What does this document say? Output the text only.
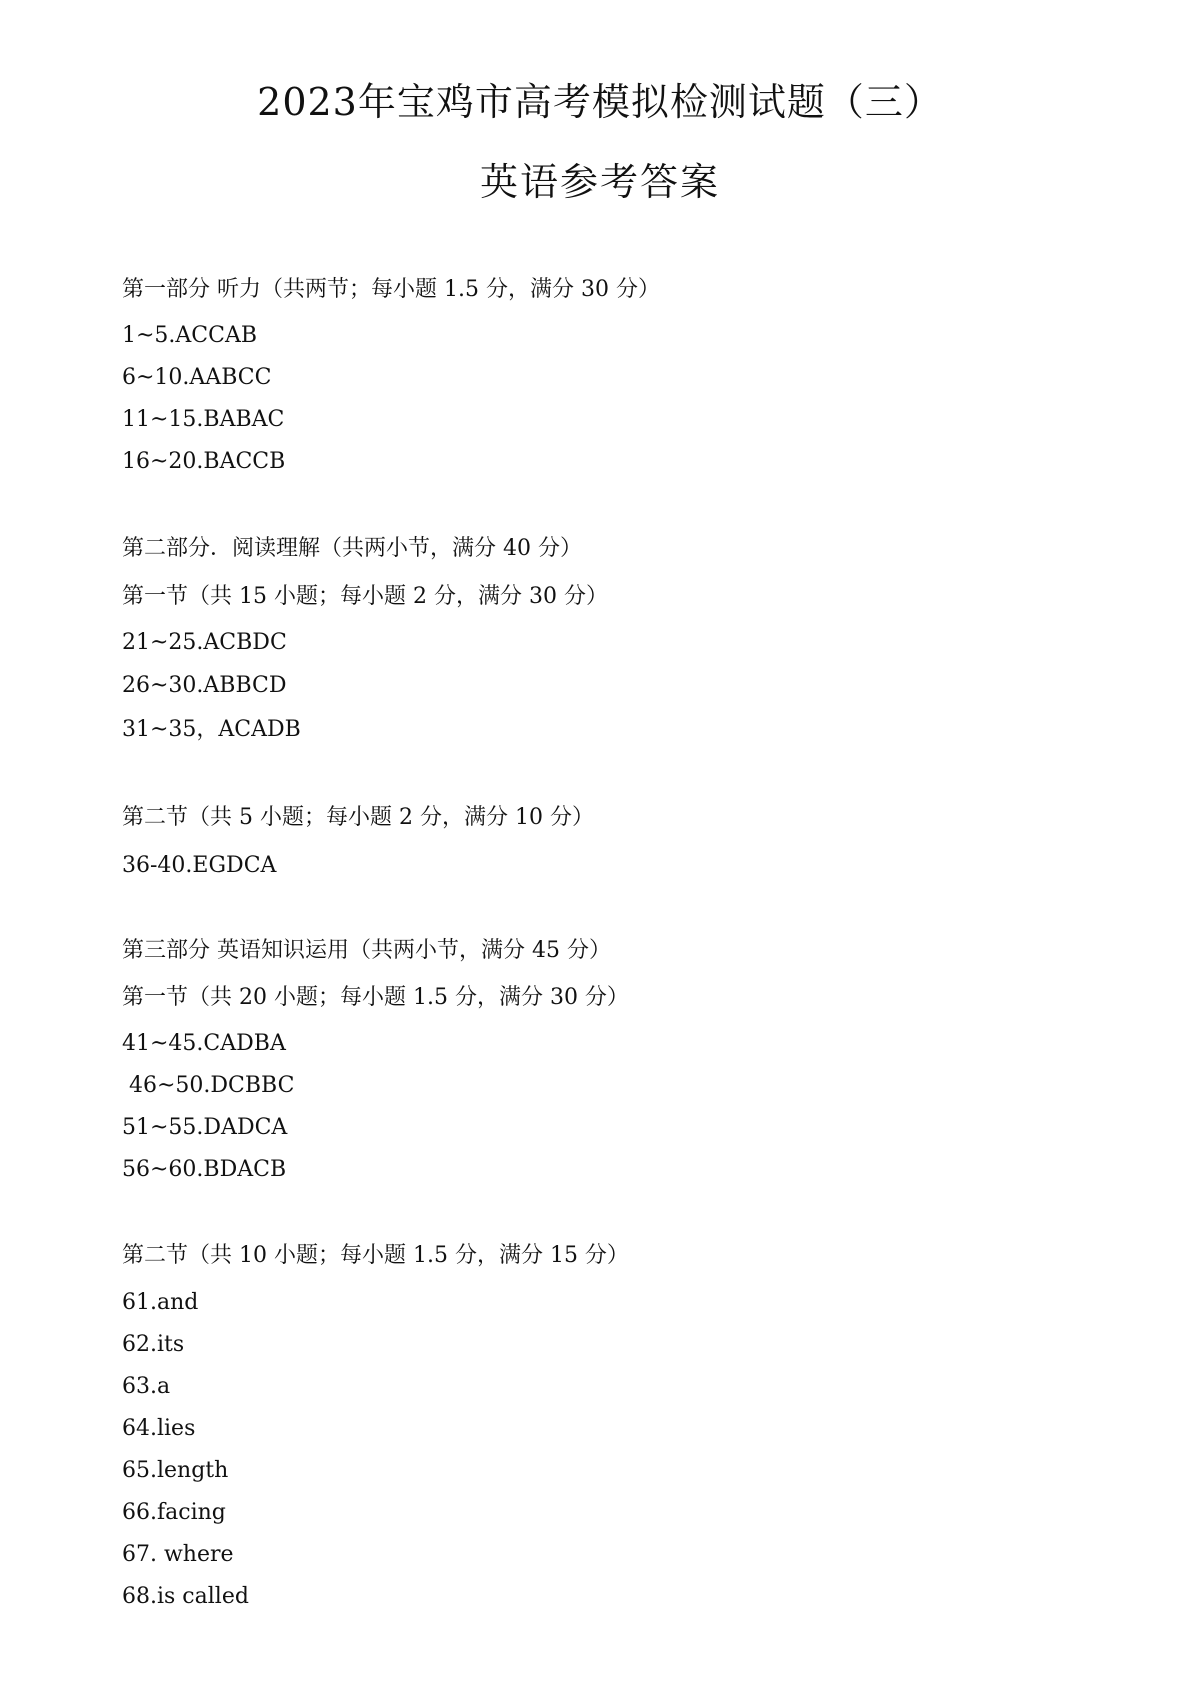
2023年宝鸡市高考模拟检测试题（三）
英语参考答案
第一部分 听力（共两节；每小题 1.5 分，满分 30 分）
1~5.ACCAB
6~10.AABCC
11~15.BABAC
16~20.BACCB
第二部分．阅读理解（共两小节，满分 40 分）
第一节（共 15 小题；每小题 2 分，满分 30 分）
21~25.ACBDC
26~30.ABBCD
31~35，ACADB
第二节（共 5 小题；每小题 2 分，满分 10 分）
36-40.EGDCA
第三部分 英语知识运用（共两小节，满分 45 分）
第一节（共 20 小题；每小题 1.5 分，满分 30 分）
41~45.CADBA
46~50.DCBBC
51~55.DADCA
56~60.BDACB
第二节（共 10 小题；每小题 1.5 分，满分 15 分）
61.and
62.its
63.a
64.lies
65.length
66.facing
67. where
68.is called
